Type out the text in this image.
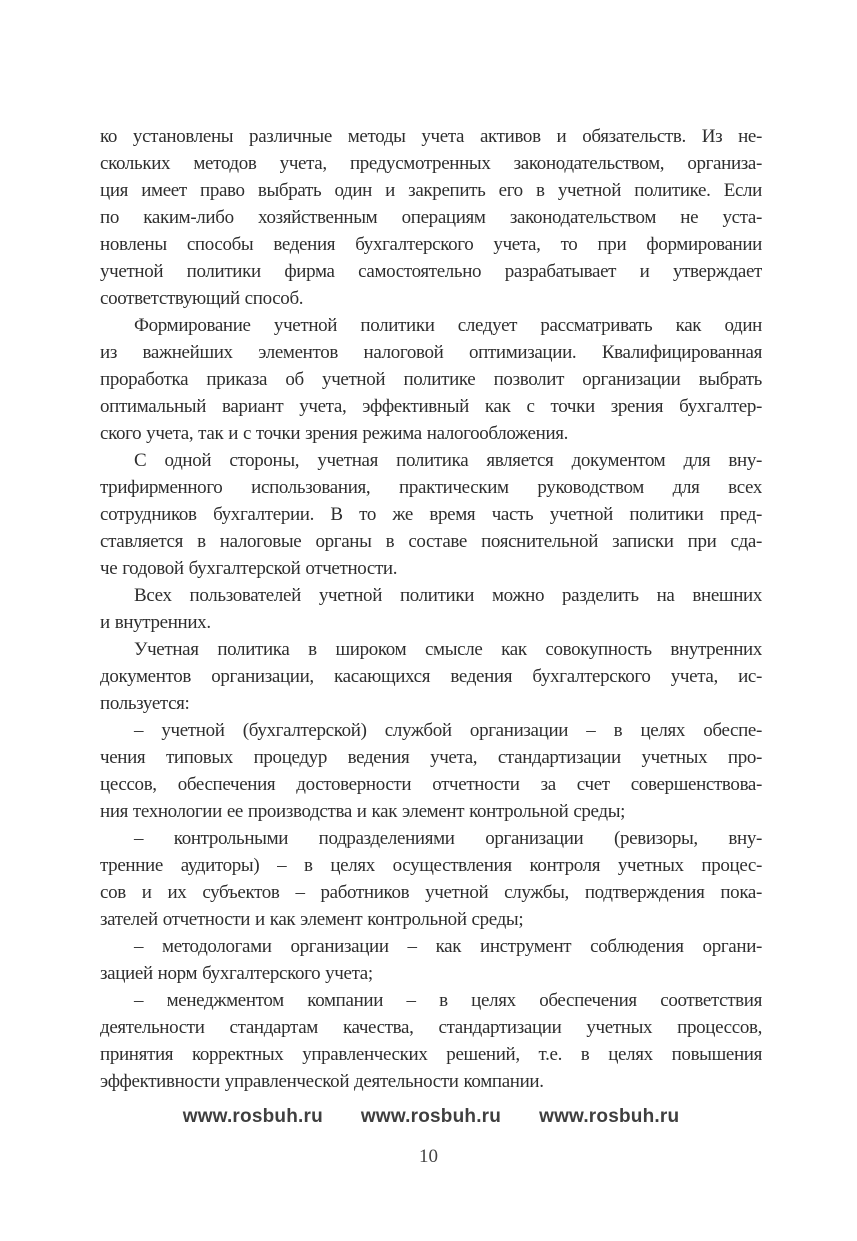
ко установлены различные методы учета активов и обязательств. Из не-
скольких методов учета, предусмотренных законодательством, организа-
ция имеет право выбрать один и закрепить его в учетной политике. Если
по каким-либо хозяйственным операциям законодательством не уста-
новлены способы ведения бухгалтерского учета, то при формировании
учетной политики фирма самостоятельно разрабатывает и утверждает
соответствующий способ.
Формирование учетной политики следует рассматривать как один
из важнейших элементов налоговой оптимизации. Квалифицированная
проработка приказа об учетной политике позволит организации выбрать
оптимальный вариант учета, эффективный как с точки зрения бухгалтер-
ского учета, так и с точки зрения режима налогообложения.
С одной стороны, учетная политика является документом для вну-
трифирменного использования, практическим руководством для всех
сотрудников бухгалтерии. В то же время часть учетной политики пред-
ставляется в налоговые органы в составе пояснительной записки при сда-
че годовой бухгалтерской отчетности.
Всех пользователей учетной политики можно разделить на внешних
и внутренних.
Учетная политика в широком смысле как совокупность внутренних
документов организации, касающихся ведения бухгалтерского учета, ис-
пользуется:
– учетной (бухгалтерской) службой организации – в целях обеспе-
чения типовых процедур ведения учета, стандартизации учетных про-
цессов, обеспечения достоверности отчетности за счет совершенствова-
ния технологии ее производства и как элемент контрольной среды;
– контрольными подразделениями организации (ревизоры, вну-
тренние аудиторы) – в целях осуществления контроля учетных процес-
сов и их субъектов – работников учетной службы, подтверждения пока-
зателей отчетности и как элемент контрольной среды;
– методологами организации – как инструмент соблюдения органи-
зацией норм бухгалтерского учета;
– менеджментом компании – в целях обеспечения соответствия
деятельности стандартам качества, стандартизации учетных процессов,
принятия корректных управленческих решений, т.е. в целях повышения
эффективности управленческой деятельности компании.
www.rosbuh.ru www.rosbuh.ru www.rosbuh.ru
10
